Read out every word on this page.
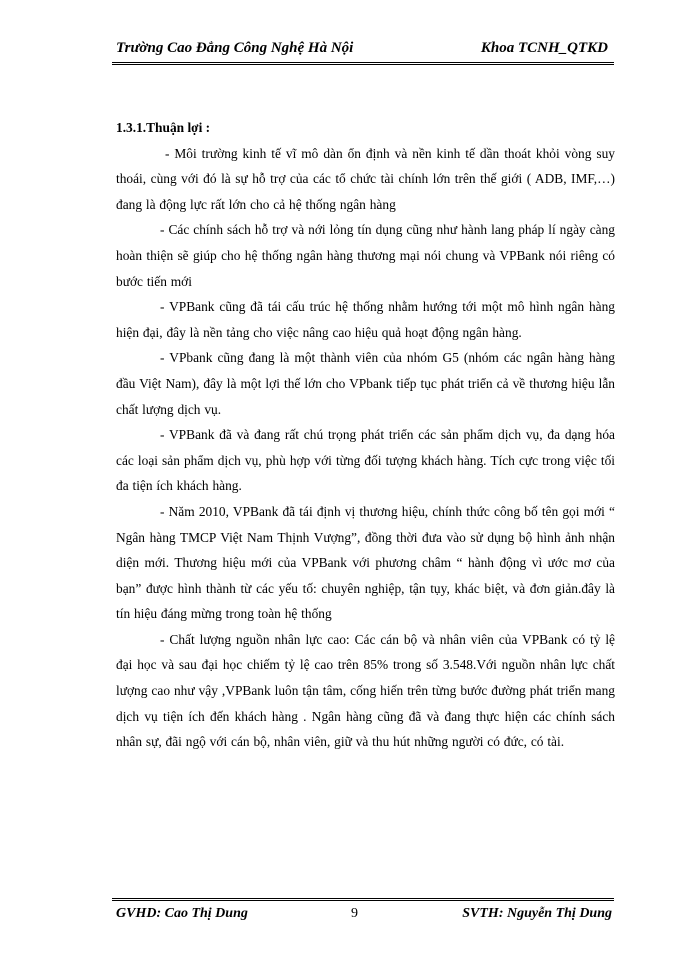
Trường Cao Đẳng Công Nghệ Hà Nội	Khoa TCNH_QTKD
1.3.1.Thuận lợi :

- Môi trường kinh tế vĩ mô dàn ổn định và nền kinh tế dần thoát khỏi vòng suy thoái, cùng với đó là sự hỗ trợ của các tổ chức tài chính lớn trên thế giới ( ADB, IMF,…) đang là động lực rất lớn cho cả hệ thống ngân hàng

- Các chính sách hỗ trợ và nới lỏng tín dụng cũng như hành lang pháp lí ngày càng hoàn thiện sẽ giúp cho hệ thống ngân hàng thương mại nói chung và VPBank nói riêng có bước tiến mới

- VPBank cũng đã tái cấu trúc hệ thống nhằm hướng tới một mô hình ngân hàng hiện đại, đây là nền tảng cho việc nâng cao hiệu quả hoạt động ngân hàng.

- VPbank cũng đang là một thành viên của nhóm G5 (nhóm các ngân hàng hàng đầu Việt Nam), đây là một lợi thế lớn cho VPbank tiếp tục phát triển cả về thương hiệu lẫn chất lượng dịch vụ.

- VPBank đã và đang rất chú trọng phát triển các sản phẩm dịch vụ, đa dạng hóa các loại sản phẩm dịch vụ, phù hợp với từng đối tượng khách hàng. Tích cực trong việc tối đa tiện ích khách hàng.

- Năm 2010, VPBank đã tái định vị thương hiệu, chính thức công bố tên gọi mới “ Ngân hàng TMCP Việt Nam Thịnh Vượng”, đồng thời đưa vào sử dụng bộ hình ảnh nhận diện mới. Thương hiệu mới của VPBank với phương châm “ hành động vì ước mơ của bạn” được hình thành từ các yếu tố: chuyên nghiệp, tận tụy, khác biệt, và đơn giản.đây là tín hiệu đáng mừng trong toàn hệ thống

- Chất lượng nguồn nhân lực cao: Các cán bộ và nhân viên của VPBank có tỷ lệ đại học và sau đại học chiếm tỷ lệ cao trên 85% trong số 3.548.Với nguồn nhân lực chất lượng cao như vậy ,VPBank luôn tận tâm, cống hiến trên từng bước đường phát triển mang dịch vụ tiện ích đến khách hàng . Ngân hàng cũng đã và đang thực hiện các chính sách nhân sự, đãi ngộ với cán bộ, nhân viên, giữ và thu hút những người có đức, có tài.

GVHD: Cao Thị Dung	9	SVTH: Nguyễn Thị Dung
